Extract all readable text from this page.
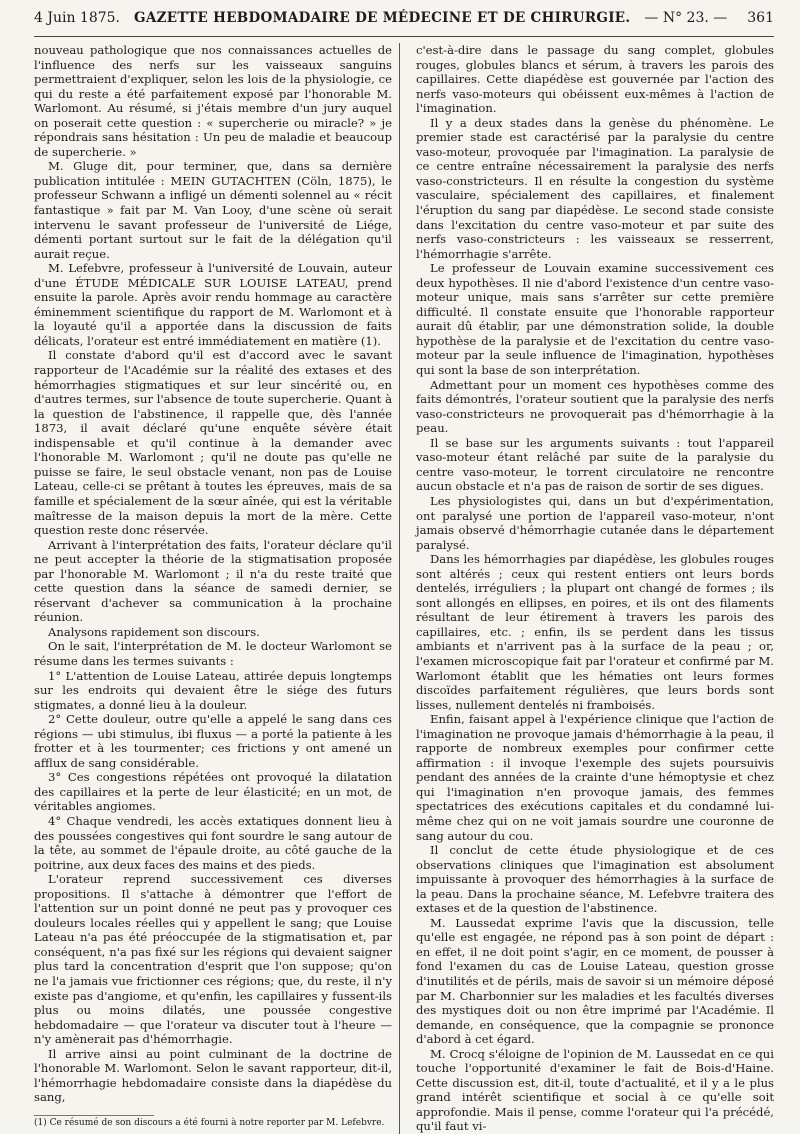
4 Juin 1875. GAZETTE HEBDOMADAIRE DE MÉDECINE ET DE CHIRURGIE. — N° 23. — 361

nouveau pathologique que nos connaissances actuelles de l'influence des nerfs sur les vaisseaux sanguins permettraient d'expliquer, selon les lois de la physiologie, ce qui du reste a été parfaitement exposé par l'honorable M. Warlomont. Au résumé, si j'étais membre d'un jury auquel on poserait cette question : « supercherie ou miracle? » je répondrais sans hésitation : Un peu de maladie et beaucoup de supercherie. »

M. Gluge dit, pour terminer, que, dans sa dernière publication intitulée : MEIN GUTACHTEN (Cöln, 1875), le professeur Schwann a infligé un démenti solennel au « récit fantastique » fait par M. Van Looy, d'une scène où serait intervenu le savant professeur de l'université de Liége, démenti portant surtout sur le fait de la délégation qu'il aurait reçue.

M. Lefebvre, professeur à l'université de Louvain, auteur d'une ÉTUDE MÉDICALE SUR LOUISE LATEAU, prend ensuite la parole. Après avoir rendu hommage au caractère éminemment scientifique du rapport de M. Warlomont et à la loyauté qu'il a apportée dans la discussion de faits délicats, l'orateur est entré immédiatement en matière (1).

Il constate d'abord qu'il est d'accord avec le savant rapporteur de l'Académie sur la réalité des extases et des hémorrhagies stigmatiques et sur leur sincérité ou, en d'autres termes, sur l'absence de toute supercherie. Quant à la question de l'abstinence, il rappelle que, dès l'année 1873, il avait déclaré qu'une enquête sévère était indispensable et qu'il continue à la demander avec l'honorable M. Warlomont ; qu'il ne doute pas qu'elle ne puisse se faire, le seul obstacle venant, non pas de Louise Lateau, celle-ci se prêtant à toutes les épreuves, mais de sa famille et spécialement de la sœur aînée, qui est la véritable maîtresse de la maison depuis la mort de la mère. Cette question reste donc réservée.

Arrivant à l'interprétation des faits, l'orateur déclare qu'il ne peut accepter la théorie de la stigmatisation proposée par l'honorable M. Warlomont ; il n'a du reste traité que cette question dans la séance de samedi dernier, se réservant d'achever sa communication à la prochaine réunion.

Analysons rapidement son discours.

On le sait, l'interprétation de M. le docteur Warlomont se résume dans les termes suivants :

1° L'attention de Louise Lateau, attirée depuis longtemps sur les endroits qui devaient être le siége des futurs stigmates, a donné lieu à la douleur.

2° Cette douleur, outre qu'elle a appelé le sang dans ces régions — ubi stimulus, ibi fluxus — a porté la patiente à les frotter et à les tourmenter; ces frictions y ont amené un afflux de sang considérable.

3° Ces congestions répétées ont provoqué la dilatation des capillaires et la perte de leur élasticité; en un mot, de véritables angiomes.

4° Chaque vendredi, les accès extatiques donnent lieu à des poussées congestives qui font sourdre le sang autour de la tête, au sommet de l'épaule droite, au côté gauche de la poitrine, aux deux faces des mains et des pieds.

L'orateur reprend successivement ces diverses propositions. Il s'attache à démontrer que l'effort de l'attention sur un point donné ne peut pas y provoquer ces douleurs locales réelles qui y appellent le sang; que Louise Lateau n'a pas été préoccupée de la stigmatisation et, par conséquent, n'a pas fixé sur les régions qui devaient saigner plus tard la concentration d'esprit que l'on suppose; qu'on ne l'a jamais vue frictionner ces régions; que, du reste, il n'y existe pas d'angiome, et qu'enfin, les capillaires y fussent-ils plus ou moins dilatés, une poussée congestive hebdomadaire — que l'orateur va discuter tout à l'heure — n'y amènerait pas d'hémorrhagie.

Il arrive ainsi au point culminant de la doctrine de l'honorable M. Warlomont. Selon le savant rapporteur, dit-il, l'hémorrhagie hebdomadaire consiste dans la diapédèse du sang,

(1) Ce résumé de son discours a été fourni à notre reporter par M. Lefebvre.

c'est-à-dire dans le passage du sang complet, globules rouges, globules blancs et sérum, à travers les parois des capillaires. Cette diapédèse est gouvernée par l'action des nerfs vaso-moteurs qui obéissent eux-mêmes à l'action de l'imagination.

Il y a deux stades dans la genèse du phénomène. Le premier stade est caractérisé par la paralysie du centre vaso-moteur, provoquée par l'imagination. La paralysie de ce centre entraîne nécessairement la paralysie des nerfs vaso-constricteurs. Il en résulte la congestion du système vasculaire, spécialement des capillaires, et finalement l'éruption du sang par diapédèse. Le second stade consiste dans l'excitation du centre vaso-moteur et par suite des nerfs vaso-constricteurs : les vaisseaux se resserrent, l'hémorrhagie s'arrête.

Le professeur de Louvain examine successivement ces deux hypothèses. Il nie d'abord l'existence d'un centre vaso-moteur unique, mais sans s'arrêter sur cette première difficulté. Il constate ensuite que l'honorable rapporteur aurait dû établir, par une démonstration solide, la double hypothèse de la paralysie et de l'excitation du centre vaso-moteur par la seule influence de l'imagination, hypothèses qui sont la base de son interprétation.

Admettant pour un moment ces hypothèses comme des faits démontrés, l'orateur soutient que la paralysie des nerfs vaso-constricteurs ne provoquerait pas d'hémorrhagie à la peau.

Il se base sur les arguments suivants : tout l'appareil vaso-moteur étant relâché par suite de la paralysie du centre vaso-moteur, le torrent circulatoire ne rencontre aucun obstacle et n'a pas de raison de sortir de ses digues.

Les physiologistes qui, dans un but d'expérimentation, ont paralysé une portion de l'appareil vaso-moteur, n'ont jamais observé d'hémorrhagie cutanée dans le département paralysé.

Dans les hémorrhagies par diapédèse, les globules rouges sont altérés ; ceux qui restent entiers ont leurs bords dentelés, irréguliers ; la plupart ont changé de formes ; ils sont allongés en ellipses, en poires, et ils ont des filaments résultant de leur étirement à travers les parois des capillaires, etc. ; enfin, ils se perdent dans les tissus ambiants et n'arrivent pas à la surface de la peau ; or, l'examen microscopique fait par l'orateur et confirmé par M. Warlomont établit que les hématies ont leurs formes discoïdes parfaitement régulières, que leurs bords sont lisses, nullement dentelés ni framboisés.

Enfin, faisant appel à l'expérience clinique que l'action de l'imagination ne provoque jamais d'hémorrhagie à la peau, il rapporte de nombreux exemples pour confirmer cette affirmation : il invoque l'exemple des sujets poursuivis pendant des années de la crainte d'une hémoptysie et chez qui l'imagination n'en provoque jamais, des femmes spectatrices des exécutions capitales et du condamné lui-même chez qui on ne voit jamais sourdre une couronne de sang autour du cou.

Il conclut de cette étude physiologique et de ces observations cliniques que l'imagination est absolument impuissante à provoquer des hémorrhagies à la surface de la peau. Dans la prochaine séance, M. Lefebvre traitera des extases et de la question de l'abstinence.

M. Laussedat exprime l'avis que la discussion, telle qu'elle est engagée, ne répond pas à son point de départ : en effet, il ne doit point s'agir, en ce moment, de pousser à fond l'examen du cas de Louise Lateau, question grosse d'inutilités et de périls, mais de savoir si un mémoire déposé par M. Charbonnier sur les maladies et les facultés diverses des mystiques doit ou non être imprimé par l'Académie. Il demande, en conséquence, que la compagnie se prononce d'abord à cet égard.

M. Crocq s'éloigne de l'opinion de M. Laussedat en ce qui touche l'opportunité d'examiner le fait de Bois-d'Haine. Cette discussion est, dit-il, toute d'actualité, et il y a le plus grand intérêt scientifique et social à ce qu'elle soit approfondie. Mais il pense, comme l'orateur qui l'a précédé, qu'il faut vi-
